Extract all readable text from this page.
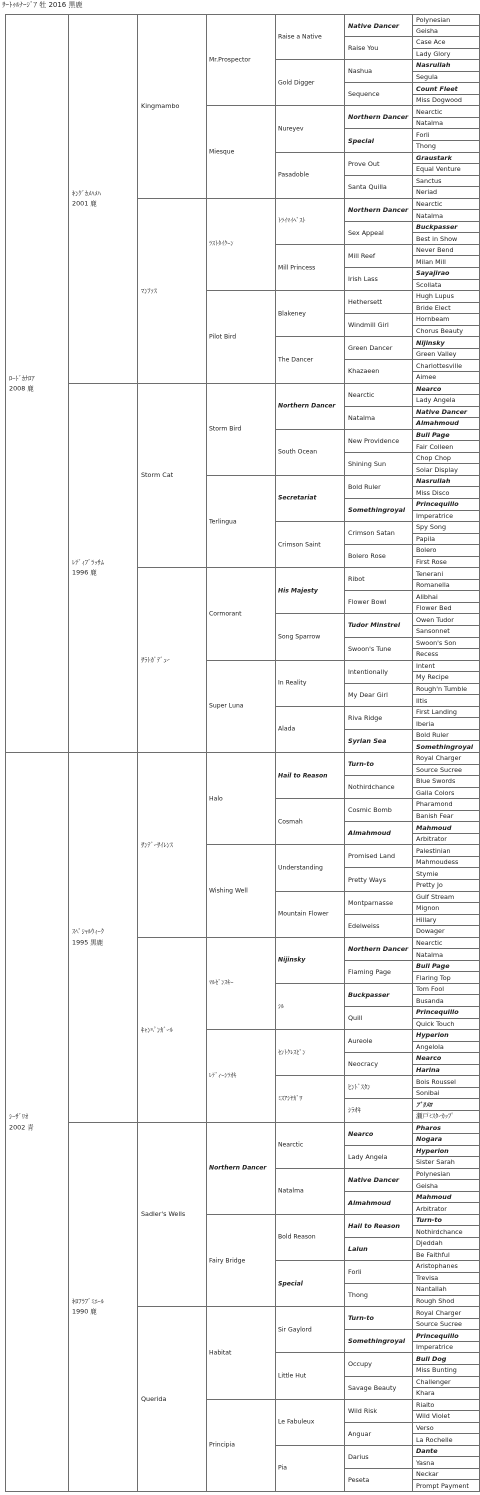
ｻｰﾄｩﾙﾅｰｼﾞｱ 牡 2016 黒鹿
ﾛｰﾄﾞｶﾅﾛｱ
2008 鹿
ｼｰｻﾞﾘｵ
2002 青
ｷﾝｸﾞｶﾒﾊﾒﾊ
2001 鹿
ﾚﾃﾞｨﾌﾞﾗｯｻﾑ
1996 鹿
ｽﾍﾟｼｬﾙｳｨｰｸ
1995 黒鹿
ｷﾛﾌﾗﾌﾞﾐｴｰﾙ
1990 鹿
Kingmambo
ﾏﾝﾌｧｽ
Storm Cat
ｻﾗﾄｶﾞﾃﾞｭｰ
ｻﾝﾃﾞｰｻｲﾚﾝｽ
ｷｬﾝﾍﾟﾝｶﾞｰﾙ
Sadler's Wells
Querida
Mr.Prospector
Miesque
ﾗｽﾄﾀｲｸｰﾝ
Pilot Bird
Storm Bird
Terlingua
Cormorant
Super Luna
Halo
Wishing Well
ﾏﾙｾﾞﾝｽｷｰ
ﾚﾃﾞｨｰｼﾗｵｷ
Northern Dancer
Fairy Bridge
Habitat
Principia
Raise a Native
Gold Digger
Nureyev
Pasadoble
ﾄﾗｲﾏｲﾍﾞｽﾄ
Mill Princess
Blakeney
The Dancer
Northern Dancer
South Ocean
Secretariat
Crimson Saint
His Majesty
Song Sparrow
In Reality
Alada
Hail to Reason
Cosmah
Understanding
Mountain Flower
Nijinsky
ｼﾙ
ｾﾝﾄｸﾚｽﾋﾟﾝ
ﾐｽｱｼﾔｶﾞﾜ
Nearctic
Natalma
Bold Reason
Special
Sir Gaylord
Little Hut
Le Fabuleux
Pia
Native Dancer
Raise You
Nashua
Sequence
Northern Dancer
Special
Prove Out
Santa Quilla
Northern Dancer
Sex Appeal
Mill Reef
Irish Lass
Hethersett
Windmill Girl
Green Dancer
Khazaeen
Nearctic
Natalma
New Providence
Shining Sun
Bold Ruler
Somethingroyal
Crimson Satan
Bolero Rose
Ribot
Flower Bowl
Tudor Minstrel
Swoon's Tune
Intentionally
My Dear Girl
Riva Ridge
Syrian Sea
Turn-to
Nothirdchance
Cosmic Bomb
Almahmoud
Promised Land
Pretty Ways
Montparnasse
Edelweiss
Northern Dancer
Flaming Page
Buckpasser
Quill
Aureole
Neocracy
ﾋﾝﾄﾞｽﾀﾝ
ｼﾗｵｷ
Nearco
Lady Angela
Native Dancer
Almahmoud
Hail to Reason
Lalun
Forli
Thong
Turn-to
Somethingroyal
Occupy
Savage Beauty
Wild Risk
Anguar
Darius
Peseta
Polynesian
Geisha
Case Ace
Lady Glory
Nasrullah
Segula
Count Fleet
Miss Dogwood
Nearctic
Natalma
Forli
Thong
Graustark
Equal Venture
Sanctus
Neriad
Nearctic
Natalma
Buckpasser
Best in Show
Never Bend
Milan Mill
Sayajirao
Scollata
Hugh Lupus
Bride Elect
Hornbeam
Chorus Beauty
Nijinsky
Green Valley
Charlottesville
Aimee
Nearco
Lady Angela
Native Dancer
Almahmoud
Bull Page
Fair Colleen
Chop Chop
Solar Display
Nasrullah
Miss Disco
Princequillo
Imperatrice
Spy Song
Papila
Bolero
First Rose
Tenerani
Romanella
Alibhai
Flower Bed
Owen Tudor
Sansonnet
Swoon's Son
Recess
Intent
My Recipe
Rough'n Tumble
Iltis
First Landing
Iberia
Bold Ruler
Somethingroyal
Royal Charger
Source Sucree
Blue Swords
Galla Colors
Pharamond
Banish Fear
Mahmoud
Arbitrator
Palestinian
Mahmoudess
Stymie
Pretty Jo
Gulf Stream
Mignon
Hillary
Dowager
Nearctic
Natalma
Bull Page
Flaring Top
Tom Fool
Busanda
Princequillo
Quick Touch
Hyperion
Angelola
Nearco
Harina
Bois Roussel
Sonibai
ﾌﾟﾘﾒﾛ
瀬戸ﾐｽﾀｰｶｯﾌﾟ
Pharos
Nogara
Hyperion
Sister Sarah
Polynesian
Geisha
Mahmoud
Arbitrator
Turn-to
Nothirdchance
Djeddah
Be Faithful
Aristophanes
Trevisa
Nantallah
Rough Shod
Royal Charger
Source Sucree
Princequillo
Imperatrice
Bull Dog
Miss Bunting
Challenger
Khara
Rialto
Wild Violet
Verso
La Rochelle
Dante
Yasna
Neckar
Prompt Payment
